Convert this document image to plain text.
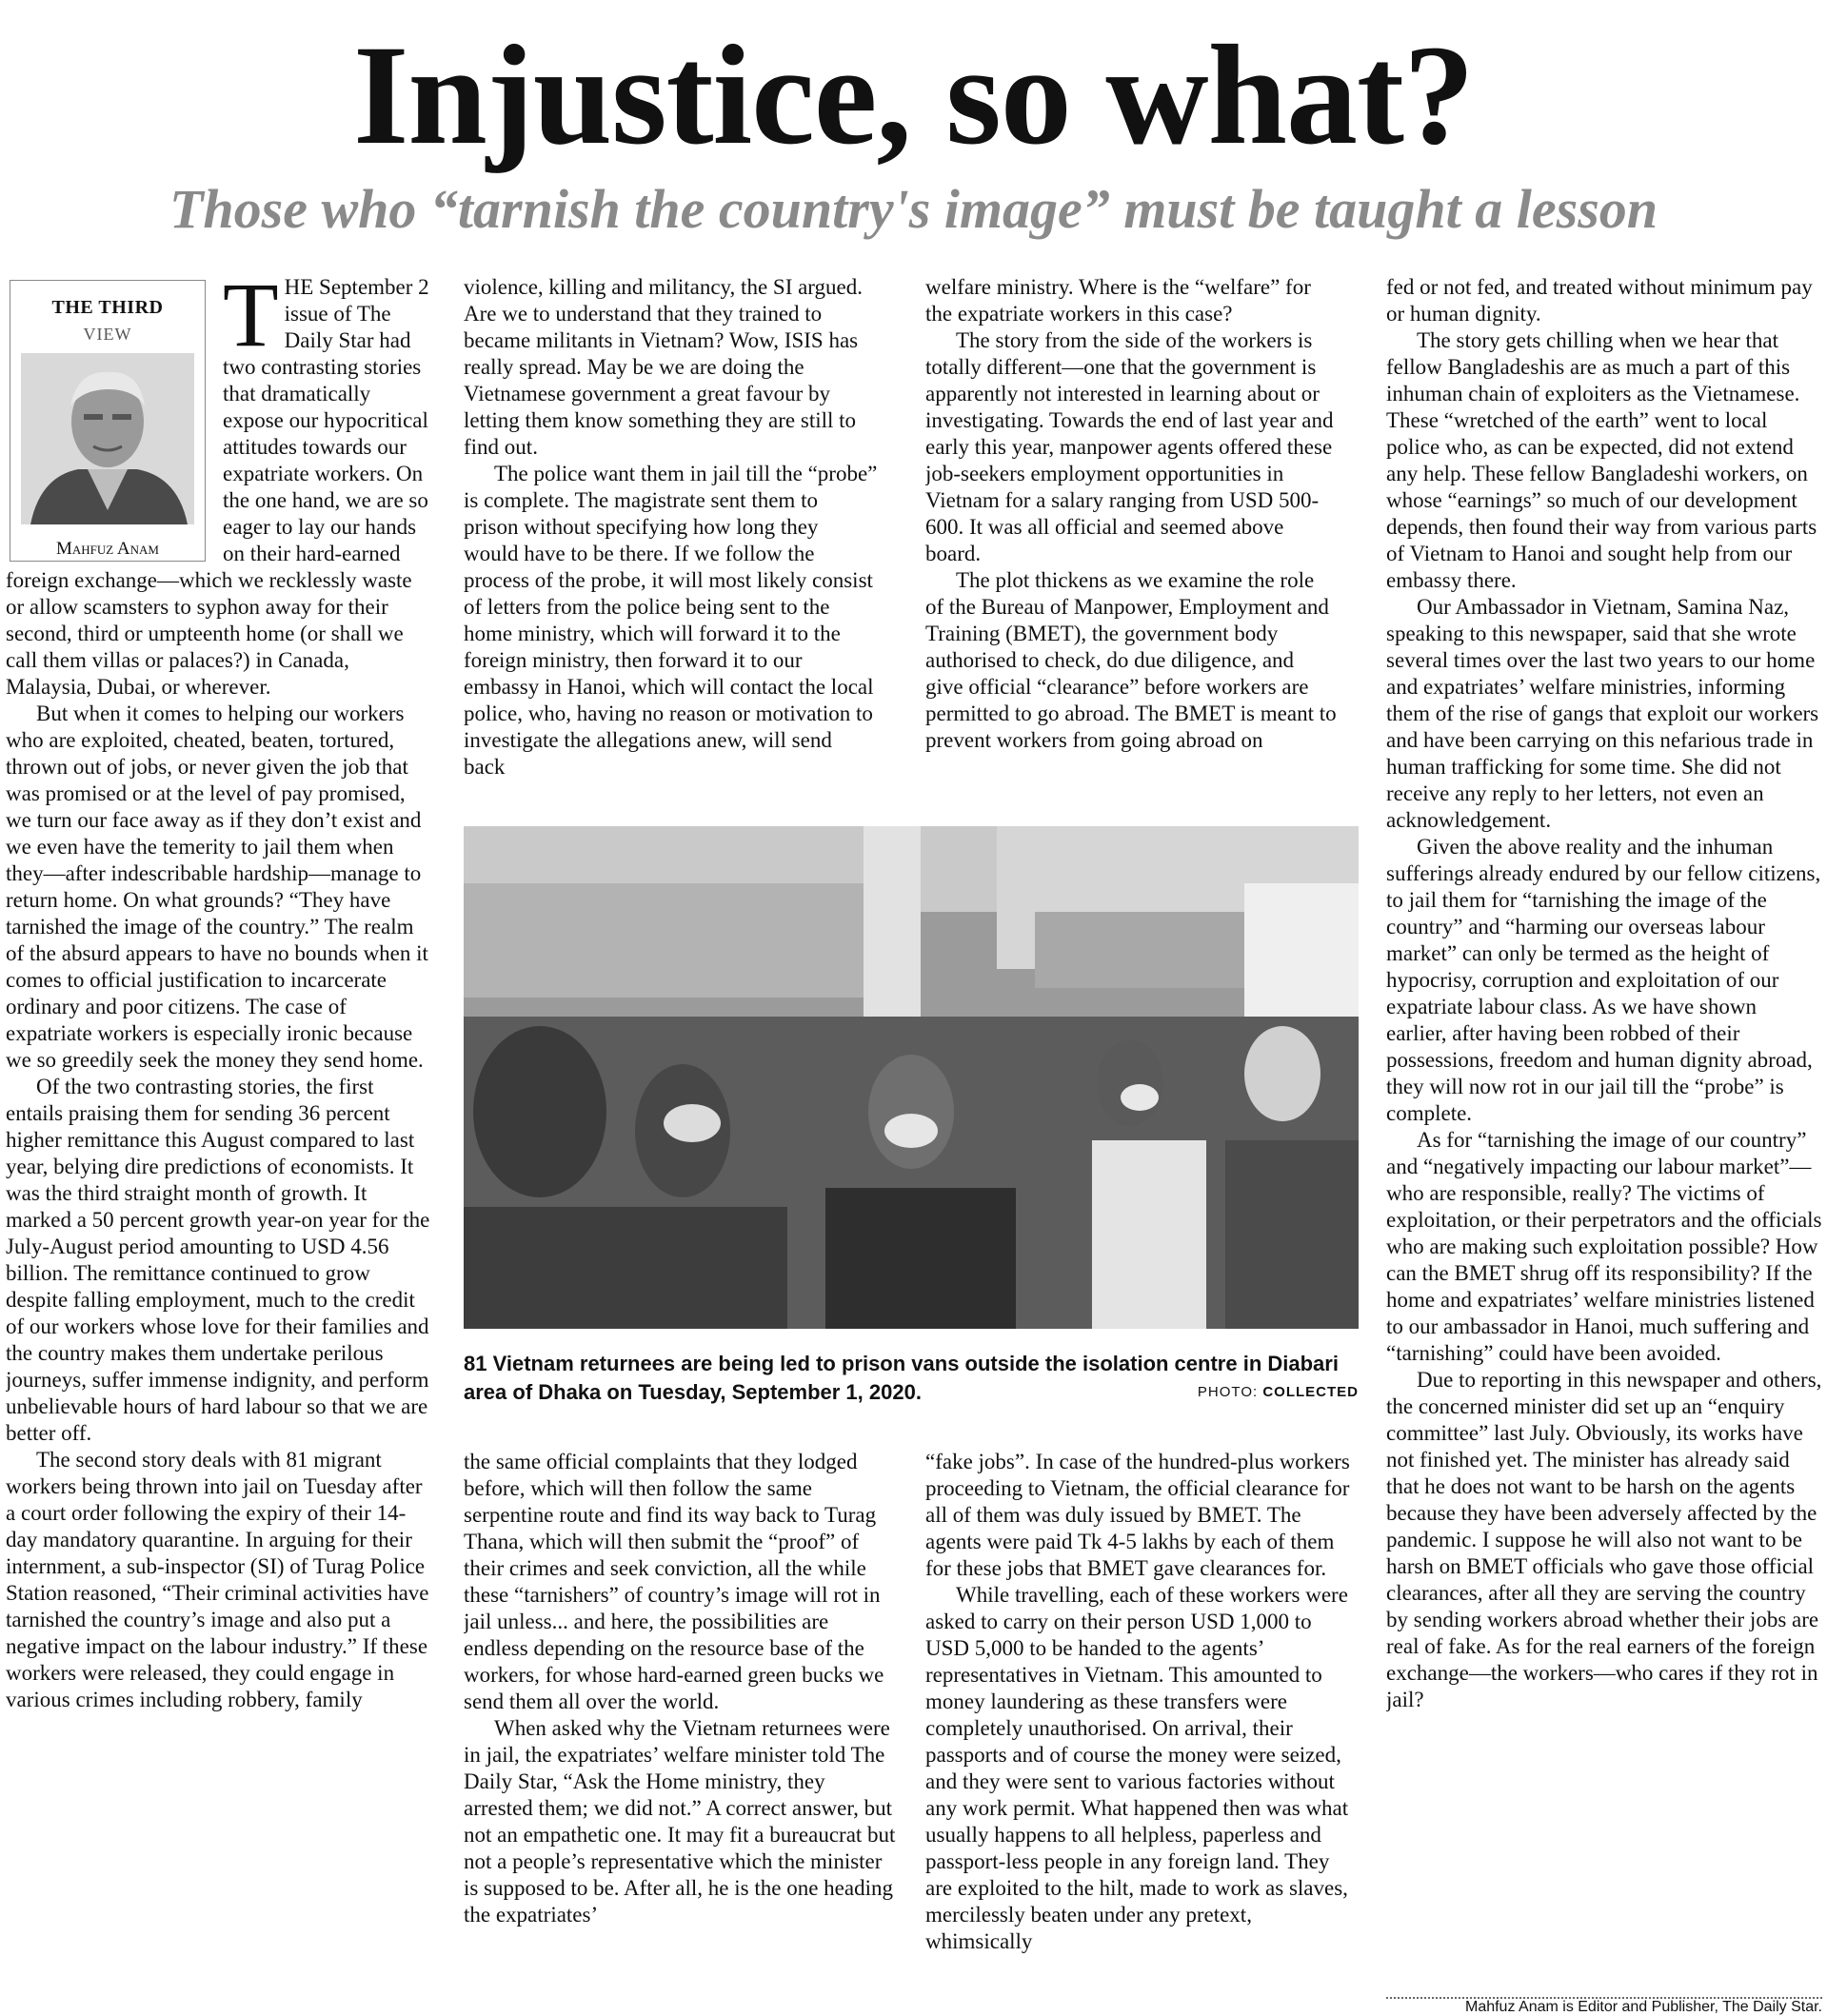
Injustice, so what?
Those who “tarnish the country's image” must be taught a lesson
THE THIRD
VIEW
Mahfuz Anam
T HE September 2 issue of The Daily Star had two contrasting stories that dramatically expose our hypocritical attitudes towards our expatriate workers. On the one hand, we are so eager to lay our hands on their hard-earned foreign exchange—which we recklessly waste or allow scamsters to syphon away for their second, third or umpteenth home (or shall we call them villas or palaces?) in Canada, Malaysia, Dubai, or wherever.

But when it comes to helping our workers who are exploited, cheated, beaten, tortured, thrown out of jobs, or never given the job that was promised or at the level of pay promised, we turn our face away as if they don’t exist and we even have the temerity to jail them when they—after indescribable hardship—manage to return home. On what grounds? “They have tarnished the image of the country.” The realm of the absurd appears to have no bounds when it comes to official justification to incarcerate ordinary and poor citizens. The case of expatriate workers is especially ironic because we so greedily seek the money they send home.

Of the two contrasting stories, the first entails praising them for sending 36 percent higher remittance this August compared to last year, belying dire predictions of economists. It was the third straight month of growth. It marked a 50 percent growth year-on year for the July-August period amounting to USD 4.56 billion. The remittance continued to grow despite falling employment, much to the credit of our workers whose love for their families and the country makes them undertake perilous journeys, suffer immense indignity, and perform unbelievable hours of hard labour so that we are better off.

The second story deals with 81 migrant workers being thrown into jail on Tuesday after a court order following the expiry of their 14-day mandatory quarantine. In arguing for their internment, a sub-inspector (SI) of Turag Police Station reasoned, “Their criminal activities have tarnished the country’s image and also put a negative impact on the labour industry.” If these workers were released, they could engage in various crimes including robbery, family

violence, killing and militancy, the SI argued. Are we to understand that they trained to became militants in Vietnam? Wow, ISIS has really spread. May be we are doing the Vietnamese government a great favour by letting them know something they are still to find out.

The police want them in jail till the “probe” is complete. The magistrate sent them to prison without specifying how long they would have to be there. If we follow the process of the probe, it will most likely consist of letters from the police being sent to the home ministry, which will forward it to the foreign ministry, then forward it to our embassy in Hanoi, which will contact the local police, who, having no reason or motivation to investigate the allegations anew, will send back

welfare ministry. Where is the “welfare” for the expatriate workers in this case?

The story from the side of the workers is totally different—one that the government is apparently not interested in learning about or investigating. Towards the end of last year and early this year, manpower agents offered these job-seekers employment opportunities in Vietnam for a salary ranging from USD 500-600. It was all official and seemed above board.

The plot thickens as we examine the role of the Bureau of Manpower, Employment and Training (BMET), the government body authorised to check, do due diligence, and give official “clearance” before workers are permitted to go abroad. The BMET is meant to prevent workers from going abroad on

81 Vietnam returnees are being led to prison vans outside the isolation centre in Diabari area of Dhaka on Tuesday, September 1, 2020.	PHOTO: COLLECTED

the same official complaints that they lodged before, which will then follow the same serpentine route and find its way back to Turag Thana, which will then submit the “proof” of their crimes and seek conviction, all the while these “tarnishers” of country’s image will rot in jail unless... and here, the possibilities are endless depending on the resource base of the workers, for whose hard-earned green bucks we send them all over the world.

When asked why the Vietnam returnees were in jail, the expatriates’ welfare minister told The Daily Star, “Ask the Home ministry, they arrested them; we did not.” A correct answer, but not an empathetic one. It may fit a bureaucrat but not a people’s representative which the minister is supposed to be. After all, he is the one heading the expatriates’

“fake jobs”. In case of the hundred-plus workers proceeding to Vietnam, the official clearance for all of them was duly issued by BMET. The agents were paid Tk 4-5 lakhs by each of them for these jobs that BMET gave clearances for.

While travelling, each of these workers were asked to carry on their person USD 1,000 to USD 5,000 to be handed to the agents’ representatives in Vietnam. This amounted to money laundering as these transfers were completely unauthorised. On arrival, their passports and of course the money were seized, and they were sent to various factories without any work permit. What happened then was what usually happens to all helpless, paperless and passport-less people in any foreign land. They are exploited to the hilt, made to work as slaves, mercilessly beaten under any pretext, whimsically

fed or not fed, and treated without minimum pay or human dignity.

The story gets chilling when we hear that fellow Bangladeshis are as much a part of this inhuman chain of exploiters as the Vietnamese. These “wretched of the earth” went to local police who, as can be expected, did not extend any help. These fellow Bangladeshi workers, on whose “earnings” so much of our development depends, then found their way from various parts of Vietnam to Hanoi and sought help from our embassy there.

Our Ambassador in Vietnam, Samina Naz, speaking to this newspaper, said that she wrote several times over the last two years to our home and expatriates’ welfare ministries, informing them of the rise of gangs that exploit our workers and have been carrying on this nefarious trade in human trafficking for some time. She did not receive any reply to her letters, not even an acknowledgement.

Given the above reality and the inhuman sufferings already endured by our fellow citizens, to jail them for “tarnishing the image of the country” and “harming our overseas labour market” can only be termed as the height of hypocrisy, corruption and exploitation of our expatriate labour class. As we have shown earlier, after having been robbed of their possessions, freedom and human dignity abroad, they will now rot in our jail till the “probe” is complete.

As for “tarnishing the image of our country” and “negatively impacting our labour market”—who are responsible, really? The victims of exploitation, or their perpetrators and the officials who are making such exploitation possible? How can the BMET shrug off its responsibility? If the home and expatriates’ welfare ministries listened to our ambassador in Hanoi, much suffering and “tarnishing” could have been avoided.

Due to reporting in this newspaper and others, the concerned minister did set up an “enquiry committee” last July. Obviously, its works have not finished yet. The minister has already said that he does not want to be harsh on the agents because they have been adversely affected by the pandemic. I suppose he will also not want to be harsh on BMET officials who gave those official clearances, after all they are serving the country by sending workers abroad whether their jobs are real of fake. As for the real earners of the foreign exchange—the workers—who cares if they rot in jail?

Mahfuz Anam is Editor and Publisher, The Daily Star.
